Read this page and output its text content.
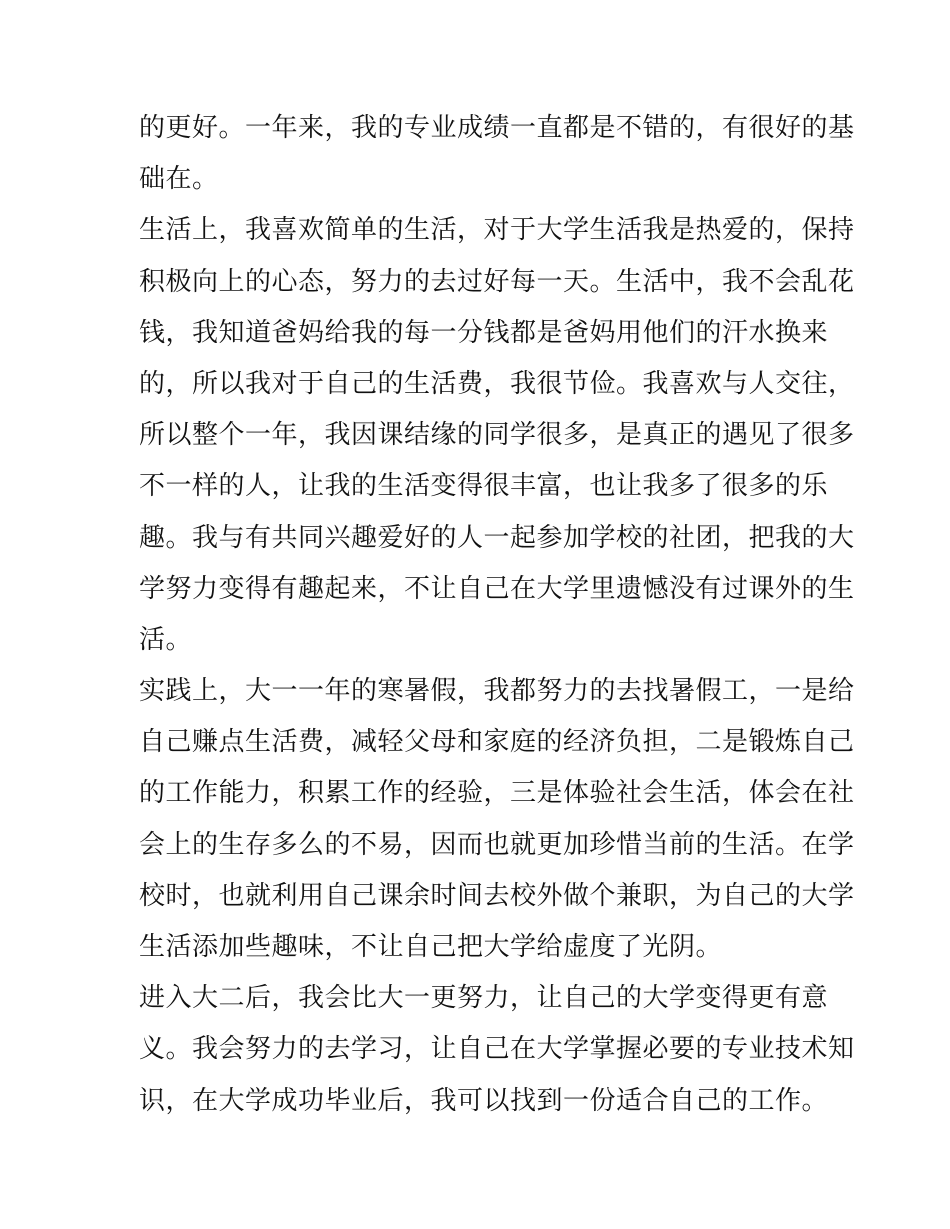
的更好。一年来，我的专业成绩一直都是不错的，有很好的基
础在。
生活上，我喜欢简单的生活，对于大学生活我是热爱的，保持
积极向上的心态，努力的去过好每一天。生活中，我不会乱花
钱，我知道爸妈给我的每一分钱都是爸妈用他们的汗水换来
的，所以我对于自己的生活费，我很节俭。我喜欢与人交往，
所以整个一年，我因课结缘的同学很多，是真正的遇见了很多
不一样的人，让我的生活变得很丰富，也让我多了很多的乐
趣。我与有共同兴趣爱好的人一起参加学校的社团，把我的大
学努力变得有趣起来，不让自己在大学里遗憾没有过课外的生
活。
实践上，大一一年的寒暑假，我都努力的去找暑假工，一是给
自己赚点生活费，减轻父母和家庭的经济负担，二是锻炼自己
的工作能力，积累工作的经验，三是体验社会生活，体会在社
会上的生存多么的不易，因而也就更加珍惜当前的生活。在学
校时，也就利用自己课余时间去校外做个兼职，为自己的大学
生活添加些趣味，不让自己把大学给虚度了光阴。
进入大二后，我会比大一更努力，让自己的大学变得更有意
义。我会努力的去学习，让自己在大学掌握必要的专业技术知
识，在大学成功毕业后，我可以找到一份适合自己的工作。
